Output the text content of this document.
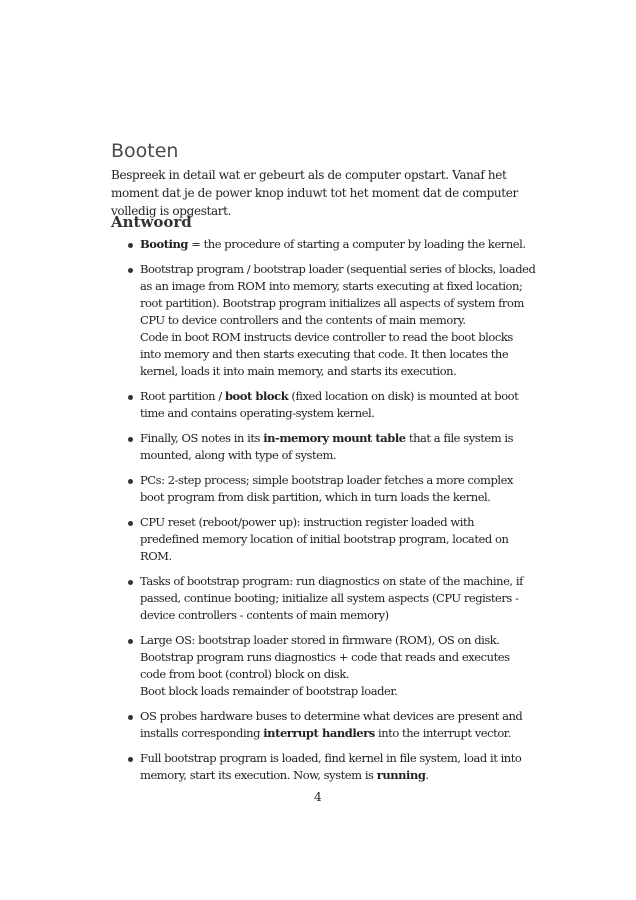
Booten

Bespreek in detail wat er gebeurt als de computer opstart. Vanaf het moment dat je de power knop induwt tot het moment dat de computer volledig is opgestart.

Antwoord
Booting = the procedure of starting a computer by loading the kernel.
Bootstrap program / bootstrap loader (sequential series of blocks, loaded as an image from ROM into memory, starts executing at fixed location; root partition). Bootstrap program initializes all aspects of system from CPU to device controllers and the contents of main memory.
Code in boot ROM instructs device controller to read the boot blocks into memory and then starts executing that code. It then locates the kernel, loads it into main memory, and starts its execution.
Root partition / boot block (fixed location on disk) is mounted at boot time and contains operating-system kernel.
Finally, OS notes in its in-memory mount table that a file system is mounted, along with type of system.
PCs: 2-step process; simple bootstrap loader fetches a more complex boot program from disk partition, which in turn loads the kernel.
CPU reset (reboot/power up): instruction register loaded with predefined memory location of initial bootstrap program, located on ROM.
Tasks of bootstrap program: run diagnostics on state of the machine, if passed, continue booting; initialize all system aspects (CPU registers - device controllers - contents of main memory)
Large OS: bootstrap loader stored in firmware (ROM), OS on disk.
Bootstrap program runs diagnostics + code that reads and executes code from boot (control) block on disk.
Boot block loads remainder of bootstrap loader.
OS probes hardware buses to determine what devices are present and installs corresponding interrupt handlers into the interrupt vector.
Full bootstrap program is loaded, find kernel in file system, load it into memory, start its execution. Now, system is running.
4
